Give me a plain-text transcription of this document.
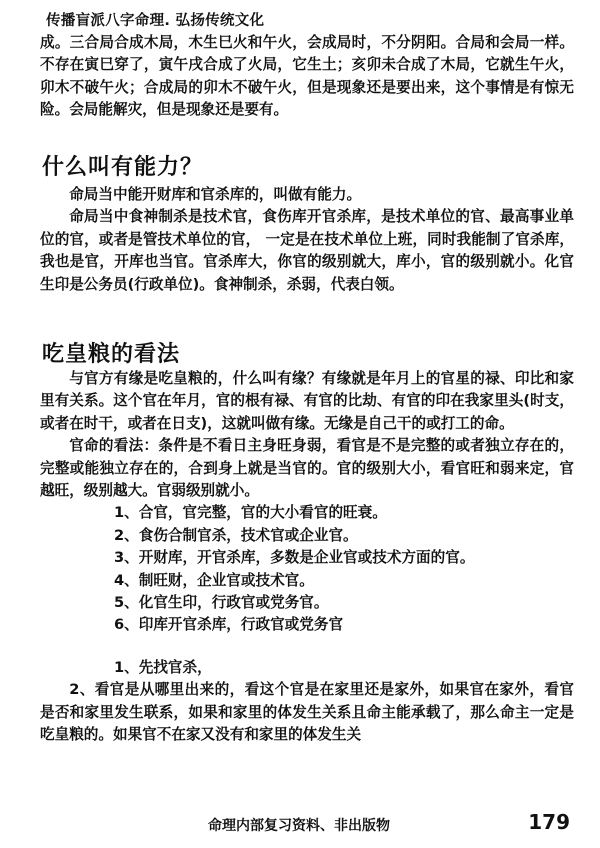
传播盲派八字命理. 弘扬传统文化

成。三合局合成木局，木生巳火和午火，会成局时，不分阴阳。合局和会局一样。不存在寅巳穿了，寅午戌合成了火局，它生土；亥卯未合成了木局，它就生午火，卯木不破午火；合成局的卯木不破午火，但是现象还是要出来，这个事情是有惊无险。会局能解灾，但是现象还是要有。

什么叫有能力？

命局当中能开财库和官杀库的，叫做有能力。

命局当中食神制杀是技术官，食伤库开官杀库，是技术单位的官、最高事业单位的官，或者是管技术单位的官， 一定是在技术单位上班，同时我能制了官杀库，我也是官，开库也当官。官杀库大，你官的级别就大，库小，官的级别就小。化官生印是公务员(行政单位)。食神制杀，杀弱，代表白领。

吃皇粮的看法

与官方有缘是吃皇粮的，什么叫有缘？有缘就是年月上的官星的禄、印比和家里有关系。这个官在年月，官的根有禄、有官的比劫、有官的印在我家里头(时支，或者在时干，或者在日支)，这就叫做有缘。无缘是自己干的或打工的命。

官命的看法：条件是不看日主身旺身弱，看官是不是完整的或者独立存在的，完整或能独立存在的，合到身上就是当官的。官的级别大小，看官旺和弱来定，官越旺，级别越大。官弱级别就小。

1、合官，官完整，官的大小看官的旺衰。

2、食伤合制官杀，技术官或企业官。

3、开财库，开官杀库，多数是企业官或技术方面的官。

4、制旺财，企业官或技术官。

5、化官生印，行政官或党务官。

6、印库开官杀库，行政官或党务官

1、先找官杀，

2、看官是从哪里出来的，看这个官是在家里还是家外，如果官在家外，看官是否和家里发生联系，如果和家里的体发生关系且命主能承载了，那么命主一定是吃皇粮的。如果官不在家又没有和家里的体发生关

命理内部复习资料、非出版物	179
